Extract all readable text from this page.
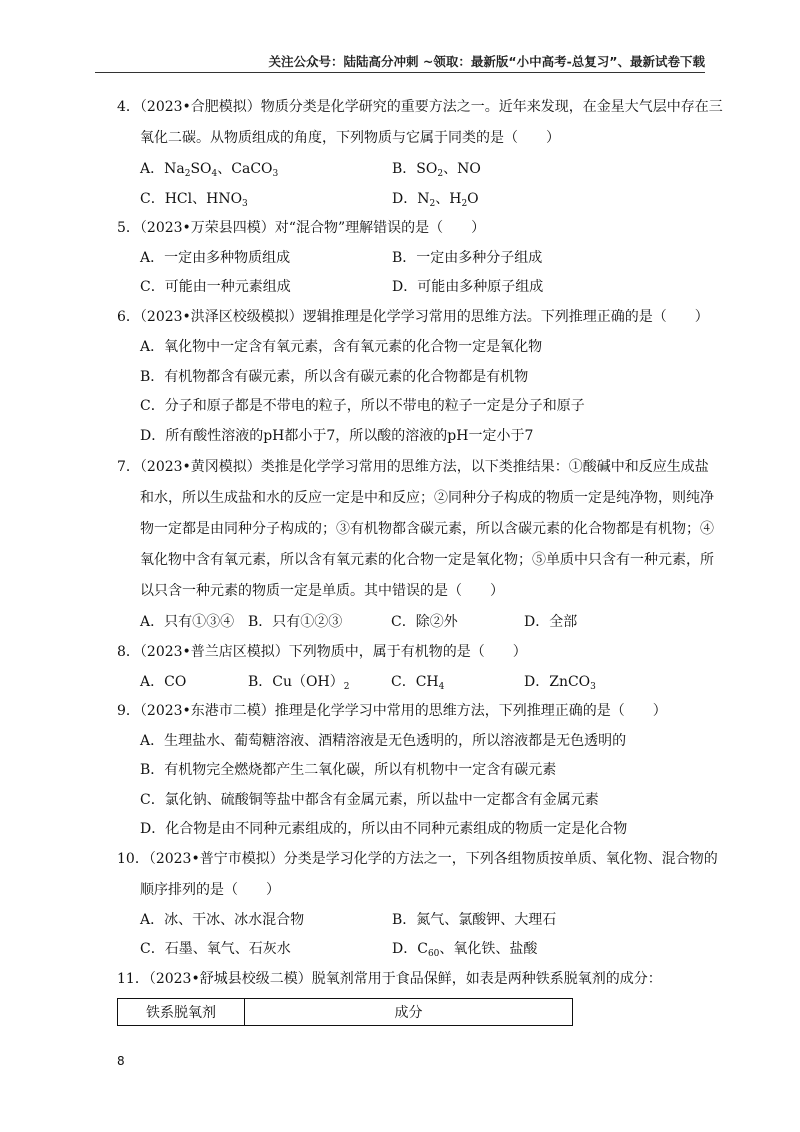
关注公众号：陆陆高分冲刺 ~领取：最新版“小中高考-总复习”、最新试卷下载
4．（2023•合肥模拟）物质分类是化学研究的重要方法之一。近年来发现，在金星大气层中存在三
氧化二碳。从物质组成的角度，下列物质与它属于同类的是（　　）
A．$Na_2SO_4$、CaCO$_3$	B．$SO_2$、NO
C．HCl、$HNO_3$	D．$N_2$、$H_2O$
5．（2023•万荣县四模）对“混合物”理解错误的是（　　）
A．一定由多种物质组成	B．一定由多种分子组成
C．可能由一种元素组成	D．可能由多种原子组成
6．（2023•洪泽区校级模拟）逻辑推理是化学学习常用的思维方法。下列推理正确的是（　　）
A．氧化物中一定含有氧元素，含有氧元素的化合物一定是氧化物
B．有机物都含有碳元素，所以含有碳元素的化合物都是有机物
C．分子和原子都是不带电的粒子，所以不带电的粒子一定是分子和原子
D．所有酸性溶液的pH都小于7，所以酸的溶液的pH一定小于7
7．（2023•黄冈模拟）类推是化学学习常用的思维方法，以下类推结果：①酸碱中和反应生成盐
和水，所以生成盐和水的反应一定是中和反应；②同种分子构成的物质一定是纯净物，则纯净
物一定都是由同种分子构成的；③有机物都含碳元素，所以含碳元素的化合物都是有机物；④
氧化物中含有氧元素，所以含有氧元素的化合物一定是氧化物；⑤单质中只含有一种元素，所
以只含一种元素的物质一定是单质。其中错误的是（　　）
A．只有①③④ B．只有①②③	C．除②外	D．全部
8．（2023•普兰店区模拟）下列物质中，属于有机物的是（　　）
A．CO	B．$Cu(OH)_2$	C．$CH_4$	D．ZnCO$_3$
9．（2023•东港市二模）推理是化学学习中常用的思维方法，下列推理正确的是（　　）
A．生理盐水、葡萄糖溶液、酒精溶液是无色透明的，所以溶液都是无色透明的
B．有机物完全燃烧都产生二氧化碳，所以有机物中一定含有碳元素
C．氯化钠、硫酸铜等盐中都含有金属元素，所以盐中一定都含有金属元素
D．化合物是由不同种元素组成的，所以由不同种元素组成的物质一定是化合物
10．（2023•普宁市模拟）分类是学习化学的方法之一，下列各组物质按单质、氧化物、混合物的
顺序排列的是（　　）
A．冰、干冰、冰水混合物	B．氮气、氯酸钾、大理石
C．石墨、氧气、石灰水	D．$C_{60}$、氧化铁、盐酸
11．（2023•舒城县校级二模）脱氧剂常用于食品保鲜，如表是两种铁系脱氧剂的成分：
铁系脱氧剂	成分
8
